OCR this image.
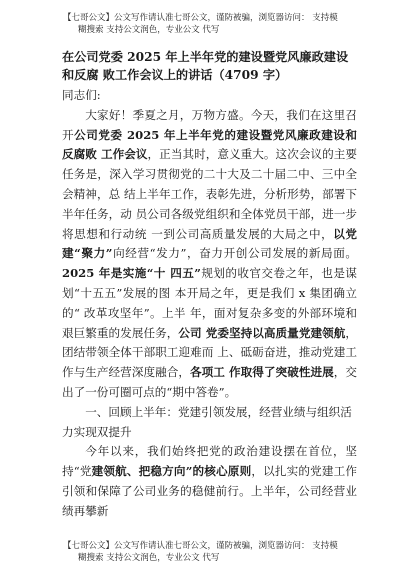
【七哥公文】公文写作请认准七哥公文，谨防被骗，浏览器访问： 支持模
糊搜索 支持公文润色，专业公文 代写

在公司党委 2025 年上半年党的建设暨党风廉政建设和反腐 败工作会议上的讲话（4709 字）

同志们:

大家好！季夏之月，万物方盛。今天，我们在这里召开公司党委 2025 年上半年党的建设暨党风廉政建设和反腐败 工作会议，正当其时，意义重大。这次会议的主要任务是，深入学习贯彻党的二十大及二十届二中、三中全会精神，总 结上半年工作，表彰先进，分析形势，部署下半年任务，动 员公司各级党组织和全体党员干部，进一步将思想和行动统 一到公司高质量发展的大局之中，以党建“聚力”向经营“发力”，奋力开创公司发展的新局面。2025 年是实施“十 四五”规划的收官交卷之年，也是谋划“十五五”发展的图 本开局之年，更是我们 x 集团确立的“ 改革攻坚年”。上半 年，面对复杂多变的外部环境和艰巨繁重的发展任务，公司 党委坚持以高质量党建领航，团结带领全体干部职工迎难而 上、砥砺奋进，推动党建工作与生产经营深度融合，各项工 作取得了突破性进展，交出了一份可圈可点的“期中答卷”。

一、回顾上半年：党建引领发展，经营业绩与组织活力实现双提升

今年以来，我们始终把党的政治建设摆在首位，坚持“党建领航、把稳方向”的核心原则，以扎实的党建工作引领和保障了公司业务的稳健前行。上半年，公司经营业绩再攀新

【七哥公文】公文写作请认准七哥公文，谨防被骗，浏览器访问： 支持模
糊搜索 支持公文润色，专业公文 代写
